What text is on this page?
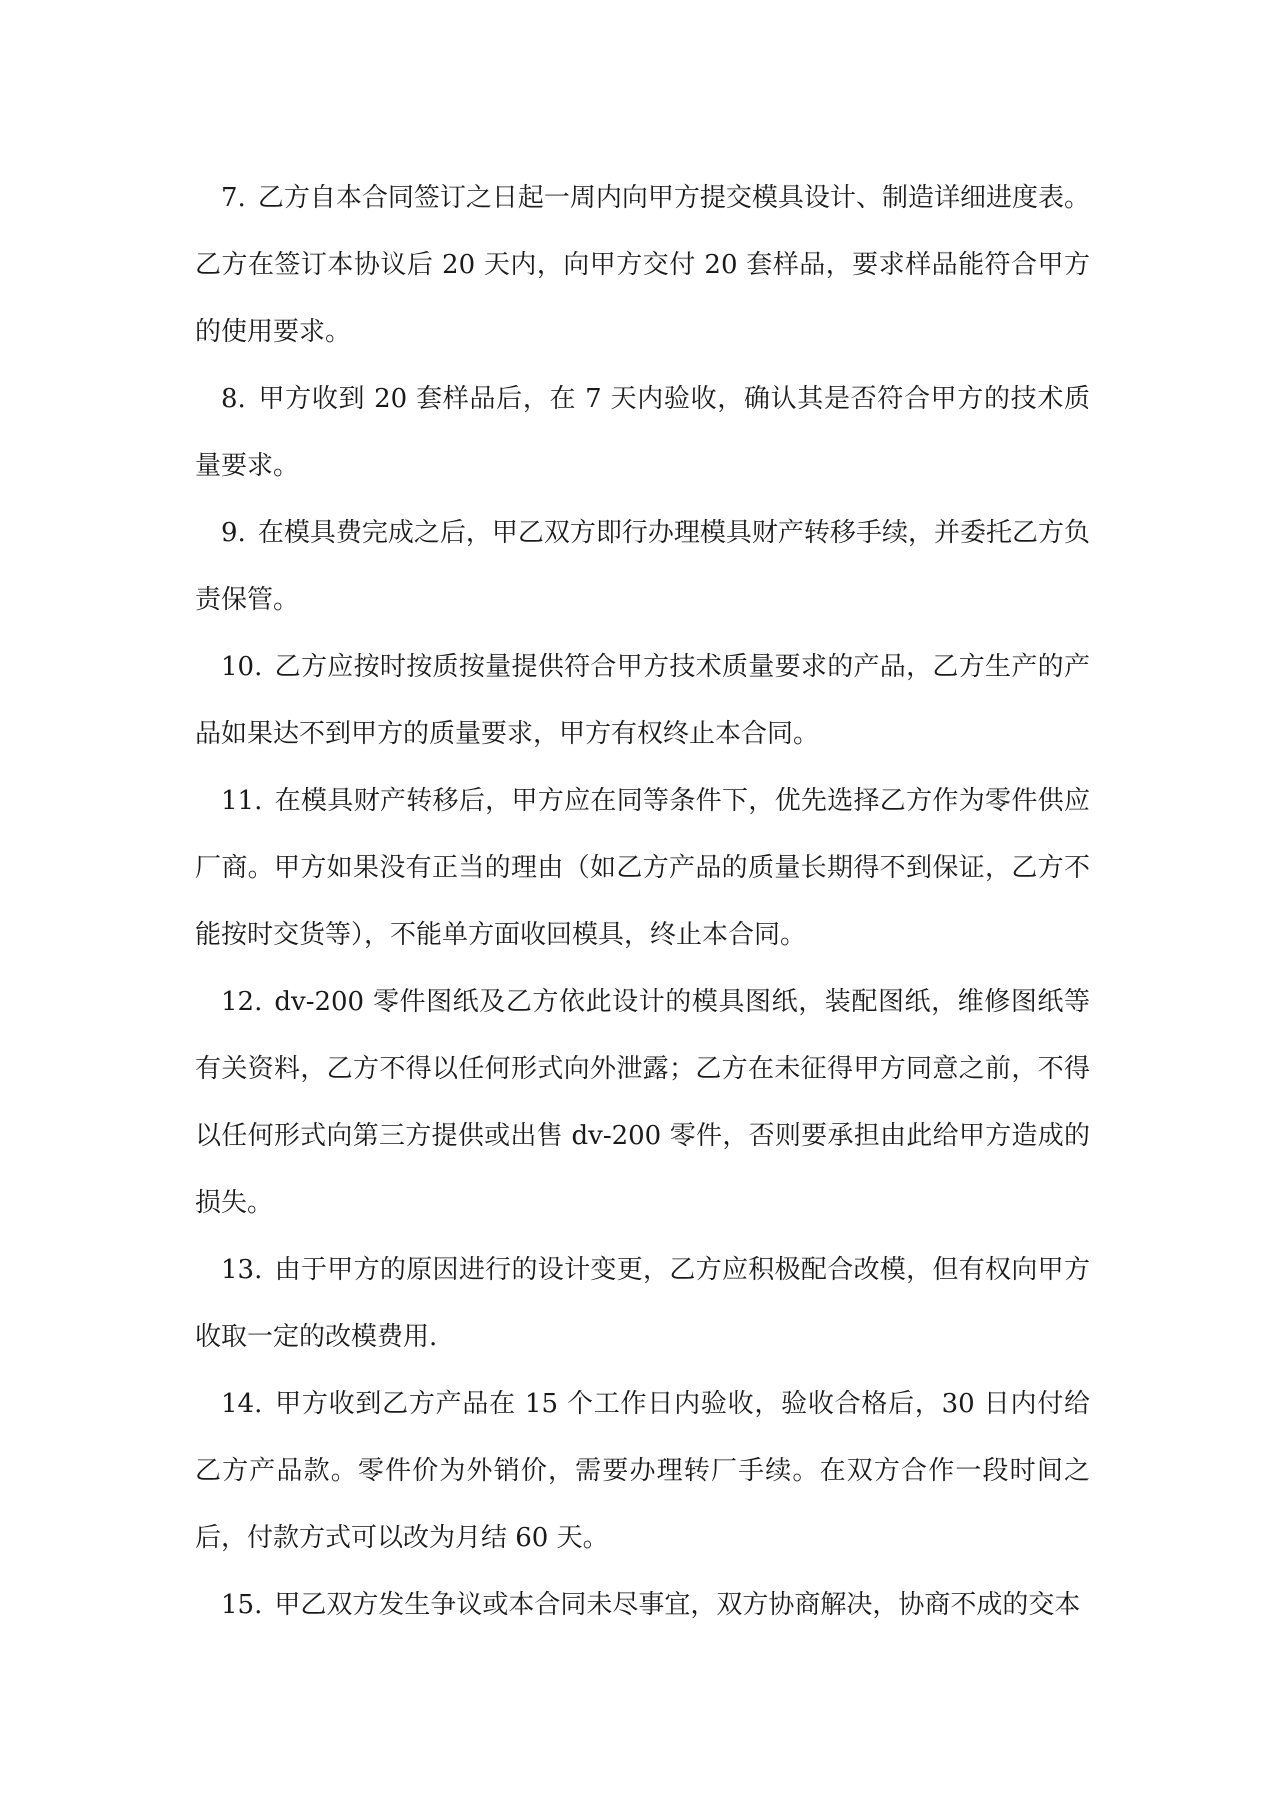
7. 乙方自本合同签订之日起一周内向甲方提交模具设计、制造详细进度表。乙方在签订本协议后 20 天内，向甲方交付 20 套样品，要求样品能符合甲方的使用要求。

8. 甲方收到 20 套样品后，在 7 天内验收，确认其是否符合甲方的技术质量要求。

9. 在模具费完成之后，甲乙双方即行办理模具财产转移手续，并委托乙方负责保管。

10. 乙方应按时按质按量提供符合甲方技术质量要求的产品，乙方生产的产品如果达不到甲方的质量要求，甲方有权终止本合同。

11. 在模具财产转移后，甲方应在同等条件下，优先选择乙方作为零件供应厂商。甲方如果没有正当的理由（如乙方产品的质量长期得不到保证，乙方不能按时交货等），不能单方面收回模具，终止本合同。

12. dv-200 零件图纸及乙方依此设计的模具图纸，装配图纸，维修图纸等有关资料，乙方不得以任何形式向外泄露；乙方在未征得甲方同意之前，不得以任何形式向第三方提供或出售 dv-200 零件，否则要承担由此给甲方造成的损失。

13. 由于甲方的原因进行的设计变更，乙方应积极配合改模，但有权向甲方收取一定的改模费用.

14. 甲方收到乙方产品在 15 个工作日内验收，验收合格后，30 日内付给乙方产品款。零件价为外销价，需要办理转厂手续。在双方合作一段时间之后，付款方式可以改为月结 60 天。

15. 甲乙双方发生争议或本合同未尽事宜，双方协商解决，协商不成的交本
